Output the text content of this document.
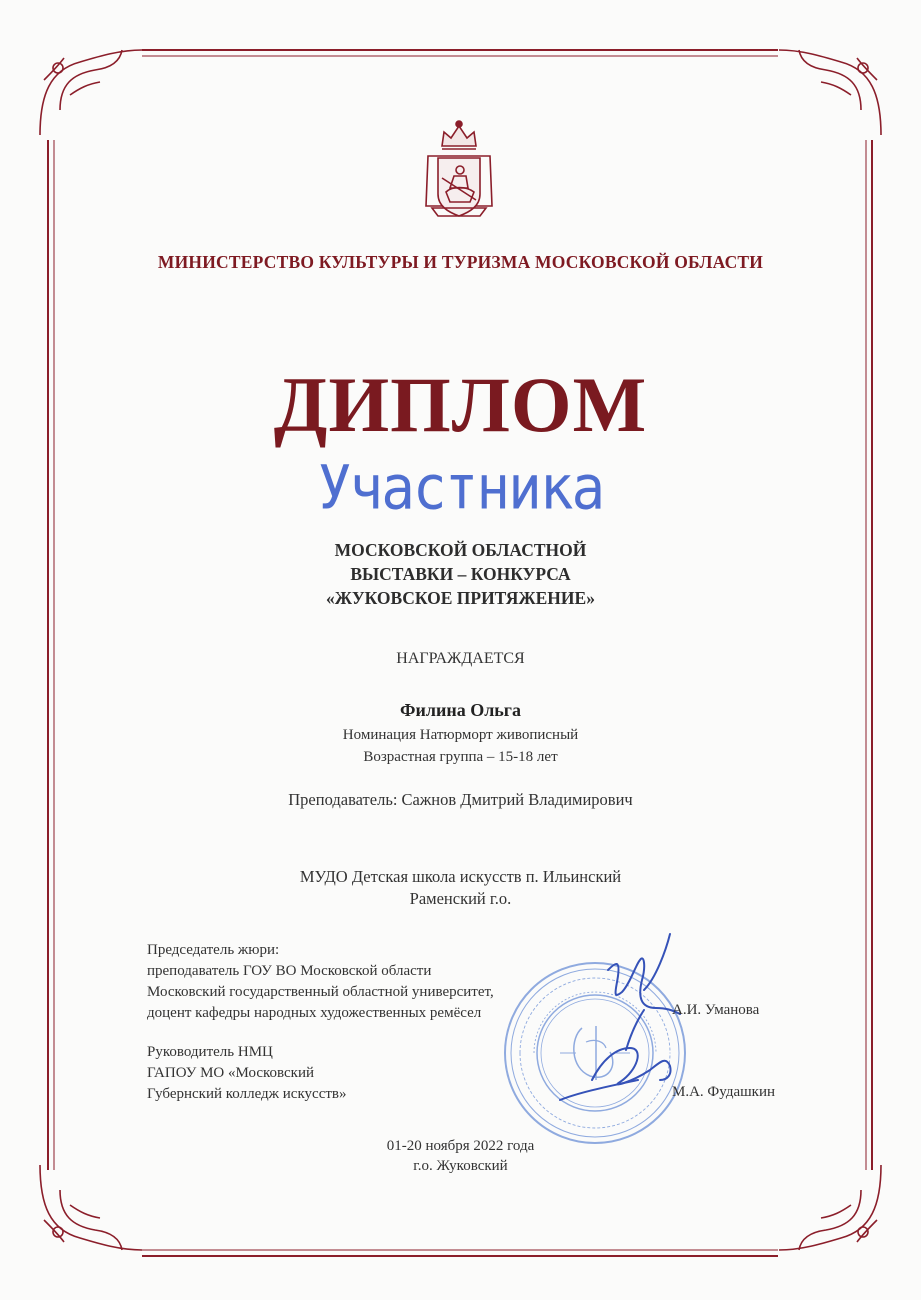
МИНИСТЕРСТВО КУЛЬТУРЫ И ТУРИЗМА МОСКОВСКОЙ ОБЛАСТИ
ДИПЛОМ
Участника
МОСКОВСКОЙ ОБЛАСТНОЙ
ВЫСТАВКИ – КОНКУРСА
«ЖУКОВСКОЕ ПРИТЯЖЕНИЕ»
НАГРАЖДАЕТСЯ
Филина Ольга
Номинация Натюрморт живописный
Возрастная группа – 15-18 лет
Преподаватель: Сажнов Дмитрий Владимирович
МУДО Детская школа искусств п. Ильинский
Раменский г.о.
Председатель жюри:
преподаватель ГОУ ВО Московской области
Московский государственный областной университет,
доцент кафедры народных художественных ремёсел	А.И. Уманова
Руководитель НМЦ
ГАПОУ МО «Московский
Губернский колледж искусств»	М.А. Фудашкин
01-20 ноября 2022 года
г.о. Жуковский
